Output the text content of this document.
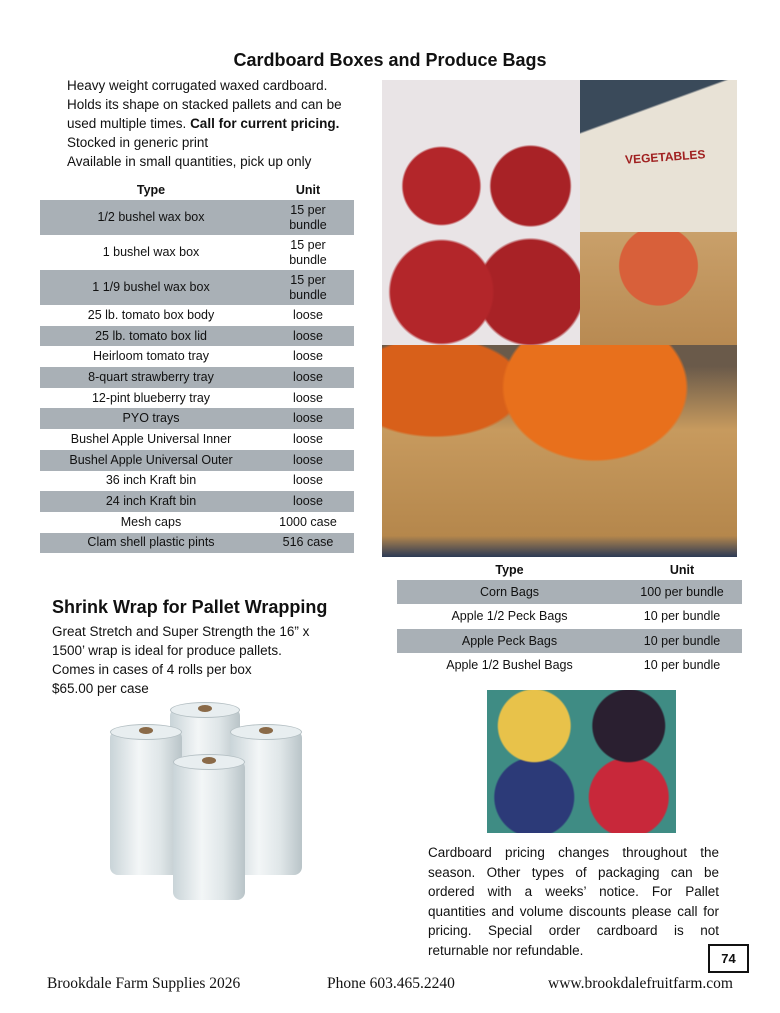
Cardboard Boxes and Produce Bags
Heavy weight corrugated waxed cardboard.
Holds its shape on stacked pallets and can be
used multiple times. Call for current pricing.
Stocked in generic print
Available in small quantities, pick up only
Type	Unit
1/2 bushel wax box	15 per bundle
1 bushel wax box	15 per bundle
1 1/9 bushel wax box	15 per bundle
25 lb. tomato box body	loose
25 lb. tomato box lid	loose
Heirloom tomato tray	loose
8-quart strawberry tray	loose
12-pint blueberry tray	loose
PYO trays	loose
Bushel Apple Universal Inner	loose
Bushel Apple Universal Outer	loose
36 inch Kraft bin	loose
24 inch Kraft bin	loose
Mesh caps	1000 case
Clam shell plastic pints	516 case
VEGETABLES
Type	Unit
Corn Bags	100 per bundle
Apple 1/2 Peck Bags	10 per bundle
Apple Peck Bags	10 per bundle
Apple 1/2 Bushel Bags	10 per bundle
Shrink Wrap for Pallet Wrapping
Great Stretch and Super Strength the 16” x
1500’ wrap is ideal for produce pallets.
Comes in cases of 4 rolls per box
$65.00 per case
Cardboard pricing changes throughout the season. Other types of packaging can be ordered with a weeks’ notice. For Pallet quantities and volume discounts please call for pricing. Special order cardboard is not returnable nor refundable.
74
Brookdale Farm Supplies 2026	Phone 603.465.2240	www.brookdalefruitfarm.com
